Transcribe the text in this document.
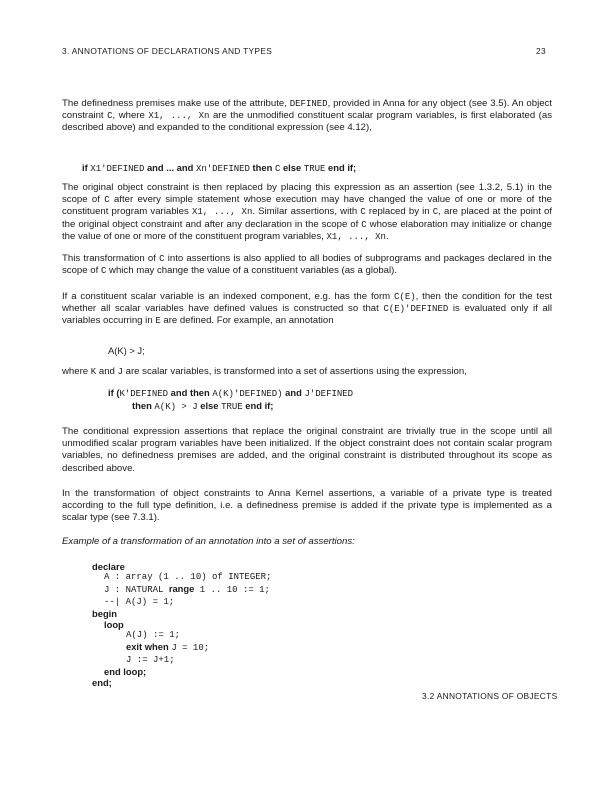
3. ANNOTATIONS OF DECLARATIONS AND TYPES	23
The definedness premises make use of the attribute, DEFINED, provided in Anna for any object (see 3.5). An object constraint C, where X1, ..., Xn are the unmodified constituent scalar program variables, is first elaborated (as described above) and expanded to the conditional expression (see 4.12),
if X1'DEFINED and ... and Xn'DEFINED then C else TRUE end if;
The original object constraint is then replaced by placing this expression as an assertion (see 1.3.2, 5.1) in the scope of C after every simple statement whose execution may have changed the value of one or more of the constituent program variables X1, ..., Xn. Similar assertions, with C replaced by in C, are placed at the point of the original object constraint and after any declaration in the scope of C whose elaboration may initialize or change the value of one or more of the constituent program variables, X1, ..., Xn.
This transformation of C into assertions is also applied to all bodies of subprograms and packages declared in the scope of C which may change the value of a constituent variables (as a global).
If a constituent scalar variable is an indexed component, e.g. has the form C(E), then the condition for the test whether all scalar variables have defined values is constructed so that C(E)'DEFINED is evaluated only if all variables occurring in E are defined. For example, an annotation
A(K) > J;
where K and J are scalar variables, is transformed into a set of assertions using the expression,
if (K'DEFINED and then A(K)'DEFINED) and J'DEFINED
then A(K) > J else TRUE end if;
The conditional expression assertions that replace the original constraint are trivially true in the scope until all unmodified scalar program variables have been initialized. If the object constraint does not contain scalar program variables, no definedness premises are added, and the original constraint is distributed throughout its scope as described above.
In the transformation of object constraints to Anna Kernel assertions, a variable of a private type is treated according to the full type definition, i.e. a definedness premise is added if the private type is implemented as a scalar type (see 7.3.1).
Example of a transformation of an annotation into a set of assertions:
declare
A : array (1 .. 10) of INTEGER;
J : NATURAL range 1 .. 10 := 1;
--| A(J) = 1;
begin
loop
A(J) := 1;
exit when J = 10;
J := J+1;
end loop;
end;
3.2 ANNOTATIONS OF OBJECTS
